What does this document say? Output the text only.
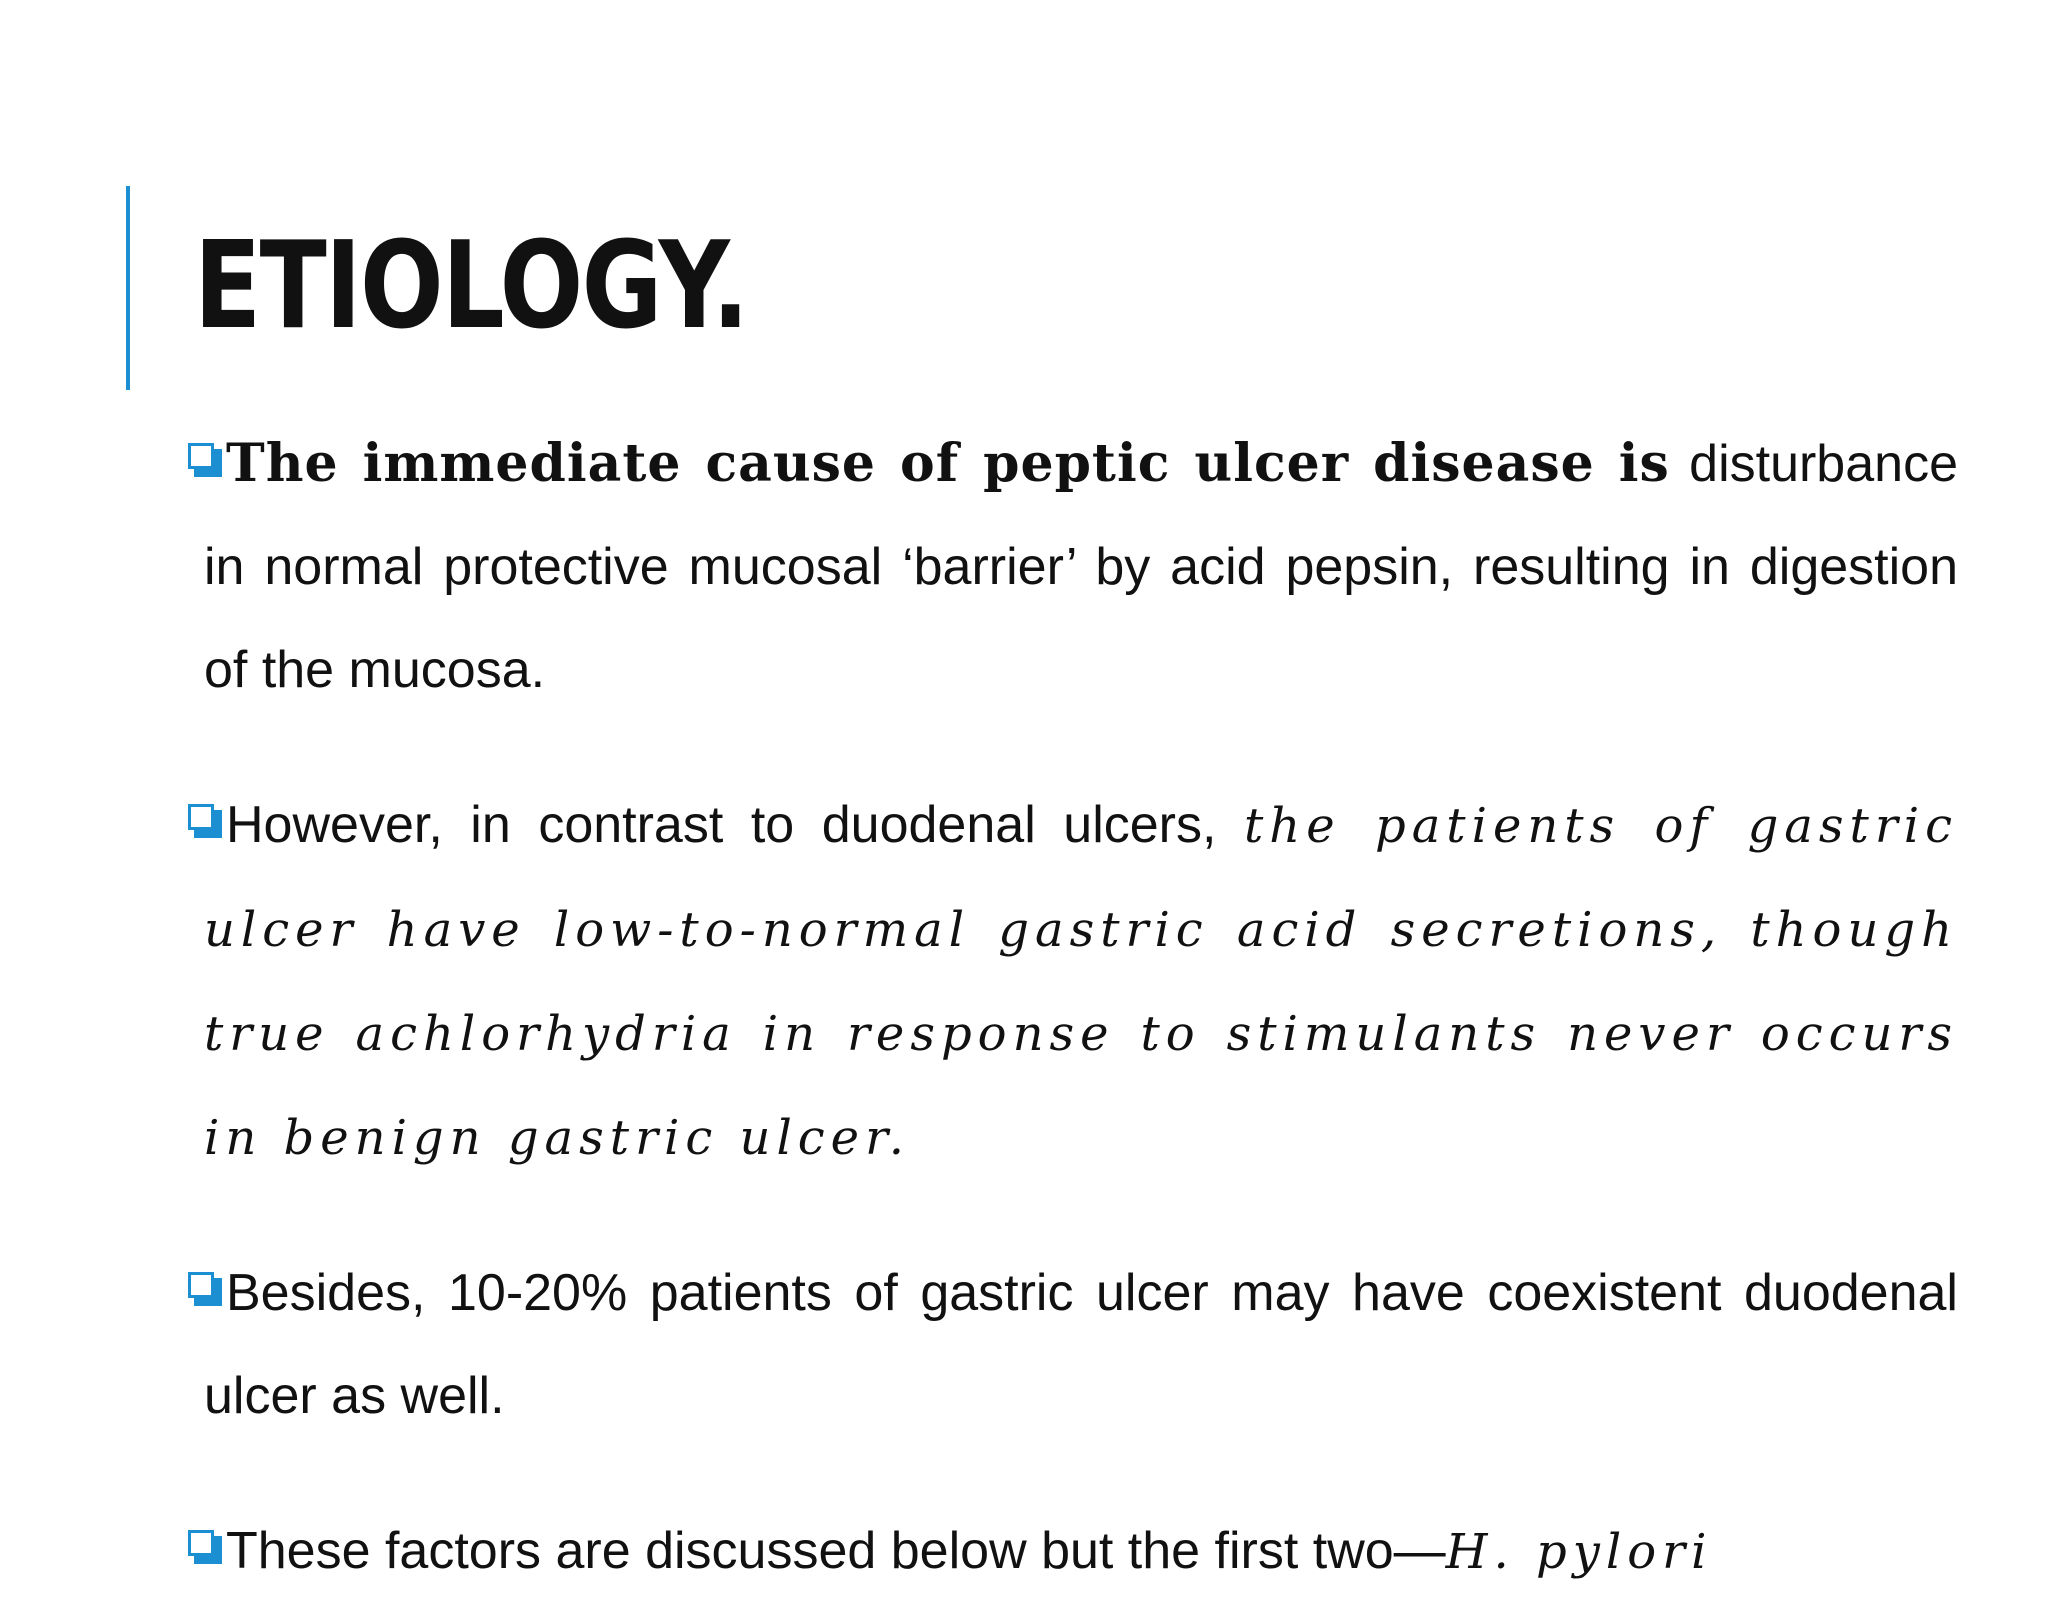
ETIOLOGY.

The immediate cause of peptic ulcer disease is disturbance in normal protective mucosal ‘barrier’ by acid pepsin, resulting in digestion of the mucosa.

However, in contrast to duodenal ulcers, the patients of gastric ulcer have low-to-normal gastric acid secretions, though true achlorhydria in response to stimulants never occurs in benign gastric ulcer.

Besides, 10-20% patients of gastric ulcer may have coexistent duodenal ulcer as well.

These factors are discussed below but the first two—H. pylori
